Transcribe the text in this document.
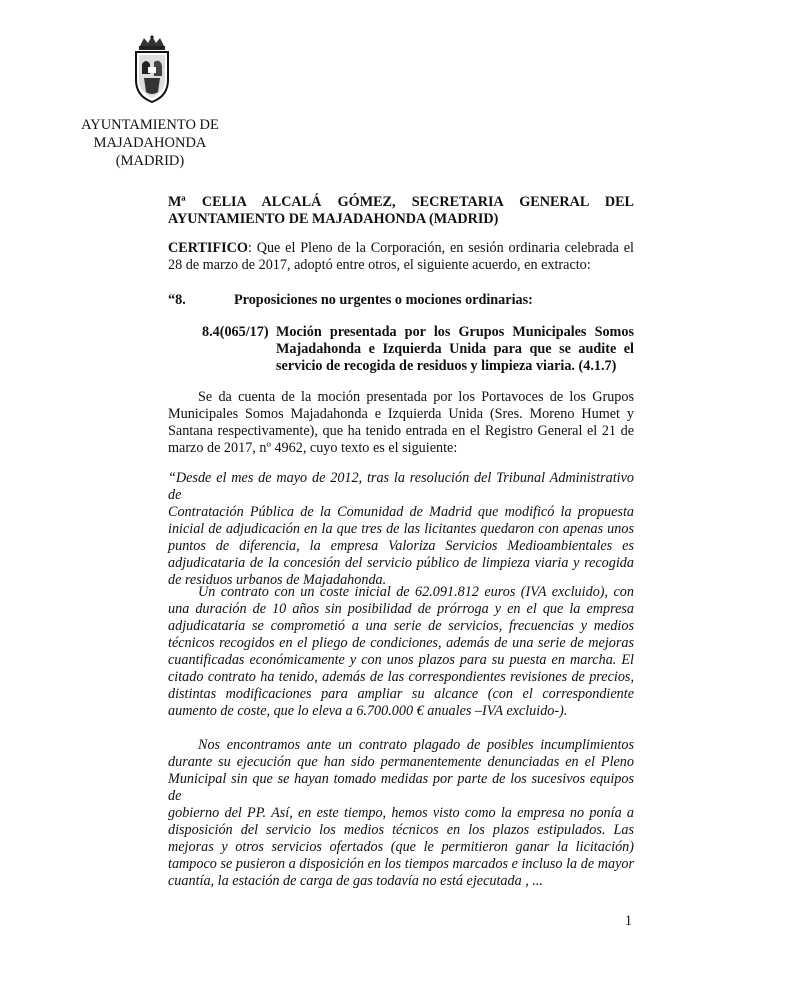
AYUNTAMIENTO DE
MAJADAHONDA
(MADRID)
Mª CELIA ALCALÁ GÓMEZ, SECRETARIA GENERAL DEL
AYUNTAMIENTO DE MAJADAHONDA (MADRID)
CERTIFICO: Que el Pleno de la Corporación, en sesión ordinaria celebrada el
28 de marzo de 2017, adoptó entre otros, el siguiente acuerdo, en extracto:
“8.	Proposiciones no urgentes o mociones ordinarias:
8.4(065/17) Moción presentada por los Grupos Municipales Somos
Majadahonda e Izquierda Unida para que se audite el
servicio de recogida de residuos y limpieza viaria. (4.1.7)
Se da cuenta de la moción presentada por los Portavoces de los Grupos
Municipales Somos Majadahonda e Izquierda Unida (Sres. Moreno Humet y
Santana respectivamente), que ha tenido entrada en el Registro General el 21 de
marzo de 2017, nº 4962, cuyo texto es el siguiente:
“Desde el mes de mayo de 2012, tras la resolución del Tribunal Administrativo de
Contratación Pública de la Comunidad de Madrid que modificó la propuesta
inicial de adjudicación en la que tres de las licitantes quedaron con apenas unos
puntos de diferencia, la empresa Valoriza Servicios Medioambientales es
adjudicataria de la concesión del servicio público de limpieza viaria y recogida
de residuos urbanos de Majadahonda.
Un contrato con un coste inicial de 62.091.812 euros (IVA excluido), con
una duración de 10 años sin posibilidad de prórroga y en el que la empresa
adjudicataria se comprometió a una serie de servicios, frecuencias y medios
técnicos recogidos en el pliego de condiciones, además de una serie de mejoras
cuantificadas económicamente y con unos plazos para su puesta en marcha. El
citado contrato ha tenido, además de las correspondientes revisiones de precios,
distintas modificaciones para ampliar su alcance (con el correspondiente
aumento de coste, que lo eleva a 6.700.000 € anuales –IVA excluido-).
Nos encontramos ante un contrato plagado de posibles incumplimientos
durante su ejecución que han sido permanentemente denunciadas en el Pleno
Municipal sin que se hayan tomado medidas por parte de los sucesivos equipos de
gobierno del PP. Así, en este tiempo, hemos visto como la empresa no ponía a
disposición del servicio los medios técnicos en los plazos estipulados. Las
mejoras y otros servicios ofertados (que le permitieron ganar la licitación)
tampoco se pusieron a disposición en los tiempos marcados e incluso la de mayor
cuantía, la estación de carga de gas todavía no está ejecutada , ...
1
